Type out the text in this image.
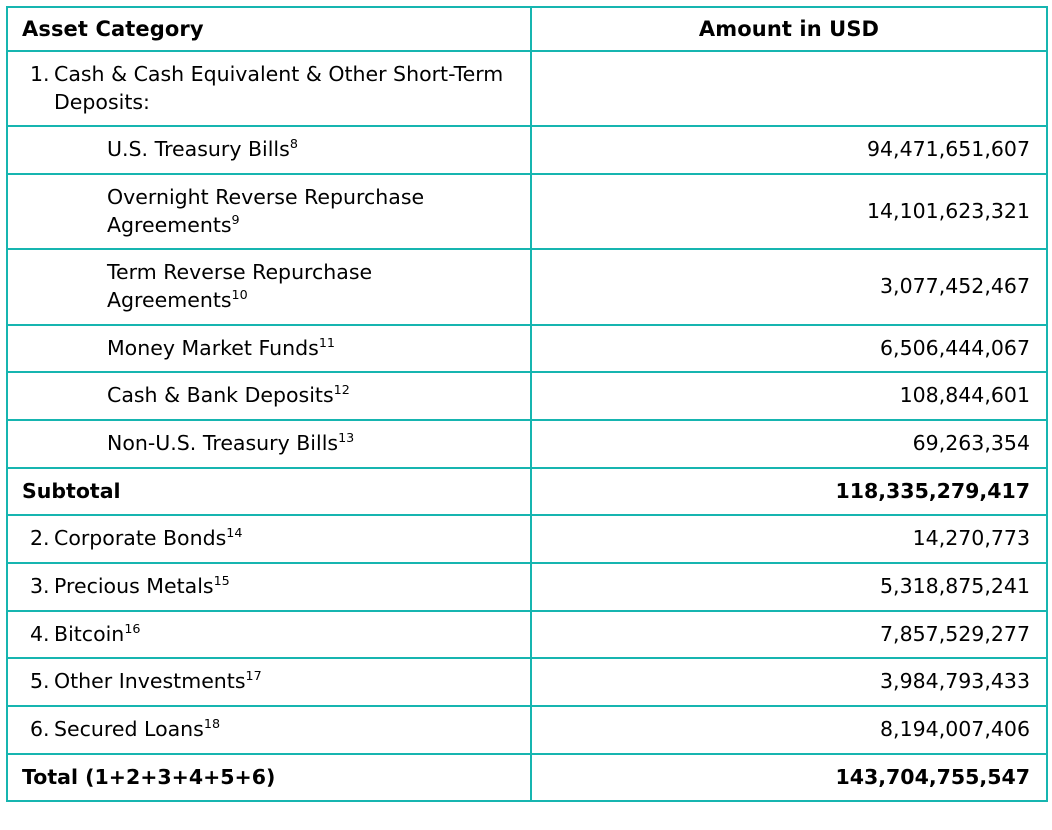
Asset Category	Amount in USD

1. Cash & Cash Equivalent & Other Short-Term Deposits:	

U.S. Treasury Bills$^8$	94,471,651,607

Overnight Reverse Repurchase Agreements$^9$	14,101,623,321

Term Reverse Repurchase Agreements$^{10}$	3,077,452,467

Money Market Funds$^{11}$	6,506,444,067

Cash & Bank Deposits$^{12}$	108,844,601

Non-U.S. Treasury Bills$^{13}$	69,263,354

Subtotal	118,335,279,417

2. Corporate Bonds$^{14}$	14,270,773

3. Precious Metals$^{15}$	5,318,875,241

4. Bitcoin$^{16}$	7,857,529,277

5. Other Investments$^{17}$	3,984,793,433

6. Secured Loans$^{18}$	8,194,007,406

Total (1+2+3+4+5+6)	143,704,755,547
